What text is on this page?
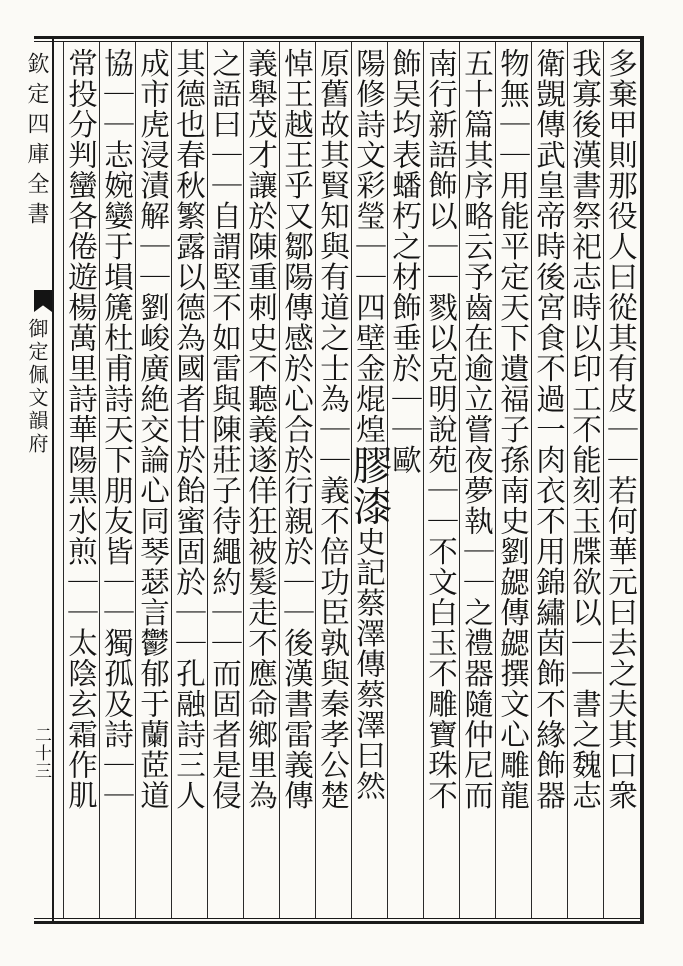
多棄甲則那役人曰從其有皮｜｜若何華元曰去之夫其口衆
我寡後漢書祭祀志時以印工不能刻玉牒欲以｜｜書之魏志
衛覬傳武皇帝時後宮食不過一肉衣不用錦繡茵飾不緣飾器
物無｜｜用能平定天下遺福子孫南史劉勰傳勰撰文心雕龍
五十篇其序略云予齒在逾立嘗夜夢執｜｜之禮器隨仲尼而
南行新語飾以｜｜戮以克明說苑｜｜不文白玉不雕寶珠不
飾吴均表蟠朽之材飾垂於｜｜歐
陽修詩文彩瑩｜｜四壁金焜煌膠漆史記蔡澤傳蔡澤曰然
原舊故其賢知與有道之士為｜｜義不倍功臣孰與秦孝公楚
悼王越王乎又鄒陽傳感於心合於行親於｜｜後漢書雷義傳
義舉茂才讓於陳重刺史不聽義遂佯狂被髮走不應命鄉里為
之語曰｜｜自謂堅不如雷與陳莊子待繩約｜｜而固者是侵
其德也春秋繁露以德為國者甘於飴蜜固於｜｜孔融詩三人
成市虎浸漬解｜｜劉峻廣絶交論心同琴瑟言鬱郁于蘭茝道
協｜｜志婉孌于塤篪杜甫詩天下朋友皆｜｜獨孤及詩｜｜
常投分判蠻各倦遊楊萬里詩華陽黒水煎｜｜太陰玄霜作肌
欽定四庫全書
御定佩文韻府
二十三
